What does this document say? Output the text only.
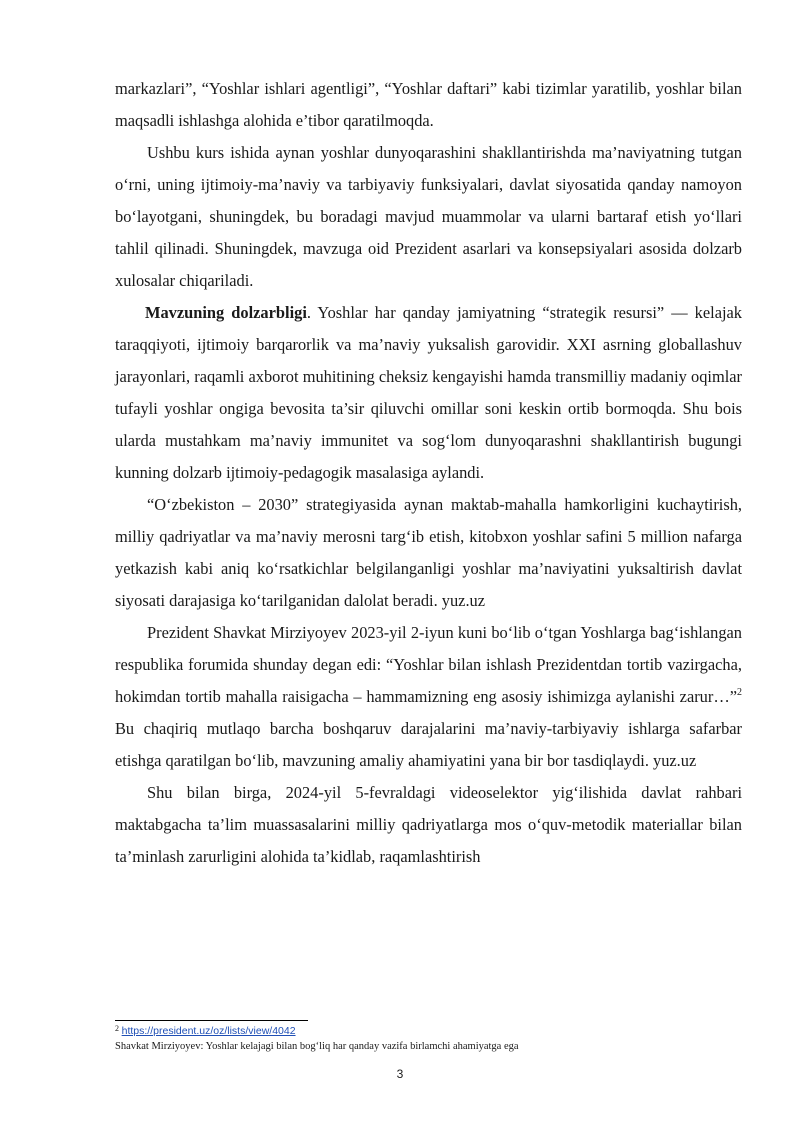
markazlari”, “Yoshlar ishlari agentligi”, “Yoshlar daftari” kabi tizimlar yaratilib, yoshlar bilan maqsadli ishlashga alohida e’tibor qaratilmoqda.

Ushbu kurs ishida aynan yoshlar dunyoqarashini shakllantirishda ma’naviyatning tutgan o‘rni, uning ijtimoiy-ma’naviy va tarbiyaviy funksiyalari, davlat siyosatida qanday namoyon bo‘layotgani, shuningdek, bu boradagi mavjud muammolar va ularni bartaraf etish yo‘llari tahlil qilinadi. Shuningdek, mavzuga oid Prezident asarlari va konsepsiyalari asosida dolzarb xulosalar chiqariladi.

Mavzuning dolzarbligi. Yoshlar har qanday jamiyatning “strategik resursi” — kelajak taraqqiyoti, ijtimoiy barqarorlik va ma’naviy yuksalish garovidir. XXI asrning globallashuv jarayonlari, raqamli axborot muhitining cheksiz kengayishi hamda transmilliy madaniy oqimlar tufayli yoshlar ongiga bevosita ta’sir qiluvchi omillar soni keskin ortib bormoqda. Shu bois ularda mustahkam ma’naviy immunitet va sog‘lom dunyoqarashni shakllantirish bugungi kunning dolzarb ijtimoiy-pedagogik masalasiga aylandi.

“O‘zbekiston – 2030” strategiyasida aynan maktab-mahalla hamkorligini kuchaytirish, milliy qadriyatlar va ma’naviy merosni targ‘ib etish, kitobxon yoshlar safini 5 million nafarga yetkazish kabi aniq ko‘rsatkichlar belgilanganligi yoshlar ma’naviyatini yuksaltirish davlat siyosati darajasiga ko‘tarilganidan dalolat beradi. yuz.uz

Prezident Shavkat Mirziyoyev 2023-yil 2-iyun kuni bo‘lib o‘tgan Yoshlarga bag‘ishlangan respublika forumida shunday degan edi: “Yoshlar bilan ishlash Prezidentdan tortib vazirgacha, hokimdan tortib mahalla raisigacha – hammamizning eng asosiy ishimizga aylanishi zarur…”$^2$ Bu chaqiriq mutlaqo barcha boshqaruv darajalarini ma’naviy-tarbiyaviy ishlarga safarbar etishga qaratilgan bo‘lib, mavzuning amaliy ahamiyatini yana bir bor tasdiqlaydi. yuz.uz

Shu bilan birga, 2024-yil 5-fevraldagi videoselektor yig‘ilishida davlat rahbari maktabgacha ta’lim muassasalarini milliy qadriyatlarga mos o‘quv-metodik materiallar bilan ta’minlash zarurligini alohida ta’kidlab, raqamlashtirish

$^2$ https://president.uz/oz/lists/view/4042
Shavkat Mirziyoyev: Yoshlar kelajagi bilan bog‘liq har qanday vazifa birlamchi ahamiyatga ega
3
